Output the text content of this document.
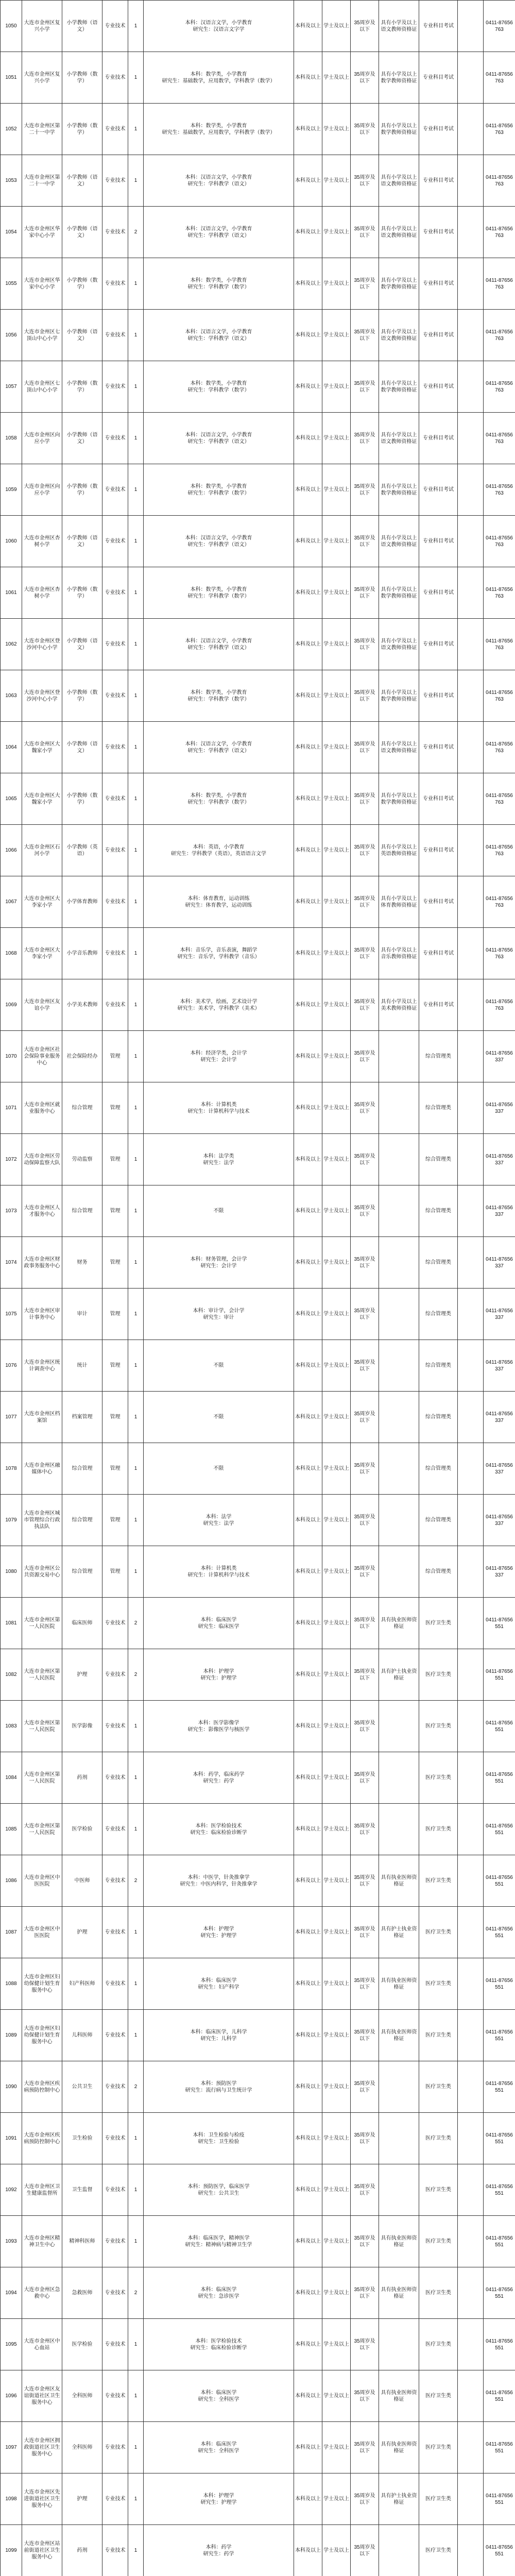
1050	大连市金州区复兴小学	小学教师（语文）	专业技术	1	本科：汉语言文学，小学教育
研究生：汉语言文字学	本科及以上	学士及以上	35周岁及以下	具有小学及以上语文教师资格证	专业科目考试		0411-87656763
1051	大连市金州区复兴小学	小学教师（数学）	专业技术	1	本科：数学类，小学教育
研究生：基础数学，应用数学，学科教学（数学）	本科及以上	学士及以上	35周岁及以下	具有小学及以上数学教师资格证	专业科目考试		0411-87656763
1052	大连市金州区第二十一中学	小学教师（数学）	专业技术	1	本科：数学类，小学教育
研究生：基础数学，应用数学，学科教学（数学）	本科及以上	学士及以上	35周岁及以下	具有小学及以上数学教师资格证	专业科目考试		0411-87656763
1053	大连市金州区第二十一中学	小学教师（语文）	专业技术	1	本科：汉语言文学，小学教育
研究生：学科教学（语文）	本科及以上	学士及以上	35周岁及以下	具有小学及以上语文教师资格证	专业科目考试		0411-87656763
1054	大连市金州区华家中心小学	小学教师（语文）	专业技术	2	本科：汉语言文学，小学教育
研究生：学科教学（语文）	本科及以上	学士及以上	35周岁及以下	具有小学及以上语文教师资格证	专业科目考试		0411-87656763
1055	大连市金州区华家中心小学	小学教师（数学）	专业技术	1	本科：数学类，小学教育
研究生：学科教学（数学）	本科及以上	学士及以上	35周岁及以下	具有小学及以上数学教师资格证	专业科目考试		0411-87656763
1056	大连市金州区七顶山中心小学	小学教师（语文）	专业技术	1	本科：汉语言文学，小学教育
研究生：学科教学（语文）	本科及以上	学士及以上	35周岁及以下	具有小学及以上语文教师资格证	专业科目考试		0411-87656763
1057	大连市金州区七顶山中心小学	小学教师（数学）	专业技术	1	本科：数学类，小学教育
研究生：学科教学（数学）	本科及以上	学士及以上	35周岁及以下	具有小学及以上数学教师资格证	专业科目考试		0411-87656763
1058	大连市金州区向应小学	小学教师（语文）	专业技术	1	本科：汉语言文学，小学教育
研究生：学科教学（语文）	本科及以上	学士及以上	35周岁及以下	具有小学及以上语文教师资格证	专业科目考试		0411-87656763
1059	大连市金州区向应小学	小学教师（数学）	专业技术	1	本科：数学类，小学教育
研究生：学科教学（数学）	本科及以上	学士及以上	35周岁及以下	具有小学及以上数学教师资格证	专业科目考试		0411-87656763
1060	大连市金州区杏树小学	小学教师（语文）	专业技术	1	本科：汉语言文学，小学教育
研究生：学科教学（语文）	本科及以上	学士及以上	35周岁及以下	具有小学及以上语文教师资格证	专业科目考试		0411-87656763
1061	大连市金州区杏树小学	小学教师（数学）	专业技术	1	本科：数学类，小学教育
研究生：学科教学（数学）	本科及以上	学士及以上	35周岁及以下	具有小学及以上数学教师资格证	专业科目考试		0411-87656763
1062	大连市金州区登沙河中心小学	小学教师（语文）	专业技术	1	本科：汉语言文学，小学教育
研究生：学科教学（语文）	本科及以上	学士及以上	35周岁及以下	具有小学及以上语文教师资格证	专业科目考试		0411-87656763
1063	大连市金州区登沙河中心小学	小学教师（数学）	专业技术	1	本科：数学类，小学教育
研究生：学科教学（数学）	本科及以上	学士及以上	35周岁及以下	具有小学及以上数学教师资格证	专业科目考试		0411-87656763
1064	大连市金州区大魏家小学	小学教师（语文）	专业技术	1	本科：汉语言文学，小学教育
研究生：学科教学（语文）	本科及以上	学士及以上	35周岁及以下	具有小学及以上语文教师资格证	专业科目考试		0411-87656763
1065	大连市金州区大魏家小学	小学教师（数学）	专业技术	1	本科：数学类，小学教育
研究生：学科教学（数学）	本科及以上	学士及以上	35周岁及以下	具有小学及以上数学教师资格证	专业科目考试		0411-87656763
1066	大连市金州区石河小学	小学教师（英语）	专业技术	1	本科：英语，小学教育
研究生：学科教学（英语），英语语言文学	本科及以上	学士及以上	35周岁及以下	具有小学及以上英语教师资格证	专业科目考试		0411-87656763
1067	大连市金州区大李家小学	小学体育教师	专业技术	1	本科：体育教育，运动训练
研究生：体育教学，运动训练	本科及以上	学士及以上	35周岁及以下	具有小学及以上体育教师资格证	专业科目考试		0411-87656763
1068	大连市金州区大李家小学	小学音乐教师	专业技术	1	本科：音乐学，音乐表演，舞蹈学
研究生：音乐学，学科教学（音乐）	本科及以上	学士及以上	35周岁及以下	具有小学及以上音乐教师资格证	专业科目考试		0411-87656763
1069	大连市金州区友谊小学	小学美术教师	专业技术	1	本科：美术学，绘画，艺术设计学
研究生：美术学，学科教学（美术）	本科及以上	学士及以上	35周岁及以下	具有小学及以上美术教师资格证	专业科目考试		0411-87656763
1070	大连市金州区社会保险事业服务中心	社会保险经办	管理	1	本科：经济学类，会计学
研究生：会计学	本科及以上	学士及以上	35周岁及以下		综合管理类		0411-87656337
1071	大连市金州区就业服务中心	综合管理	管理	1	本科：计算机类
研究生：计算机科学与技术	本科及以上	学士及以上	35周岁及以下		综合管理类		0411-87656337
1072	大连市金州区劳动保障监察大队	劳动监察	管理	1	本科：法学类
研究生：法学	本科及以上	学士及以上	35周岁及以下		综合管理类		0411-87656337
1073	大连市金州区人才服务中心	综合管理	管理	1	不限	本科及以上	学士及以上	35周岁及以下		综合管理类		0411-87656337
1074	大连市金州区财政事务服务中心	财务	管理	1	本科：财务管理，会计学
研究生：会计学	本科及以上	学士及以上	35周岁及以下		综合管理类		0411-87656337
1075	大连市金州区审计事务中心	审计	管理	1	本科：审计学，会计学
研究生：审计	本科及以上	学士及以上	35周岁及以下		综合管理类		0411-87656337
1076	大连市金州区统计调查中心	统计	管理	1	不限	本科及以上	学士及以上	35周岁及以下		综合管理类		0411-87656337
1077	大连市金州区档案馆	档案管理	管理	1	不限	本科及以上	学士及以上	35周岁及以下		综合管理类		0411-87656337
1078	大连市金州区融媒体中心	综合管理	管理	1	不限	本科及以上	学士及以上	35周岁及以下		综合管理类		0411-87656337
1079	大连市金州区城市管理综合行政执法队	综合管理	管理	1	本科：法学
研究生：法学	本科及以上	学士及以上	35周岁及以下		综合管理类		0411-87656337
1080	大连市金州区公共资源交易中心	综合管理	管理	1	本科：计算机类
研究生：计算机科学与技术	本科及以上	学士及以上	35周岁及以下		综合管理类		0411-87656337
1081	大连市金州区第一人民医院	临床医师	专业技术	2	本科：临床医学
研究生：临床医学	本科及以上	学士及以上	35周岁及以下	具有执业医师资格证	医疗卫生类		0411-87656551
1082	大连市金州区第一人民医院	护理	专业技术	2	本科：护理学
研究生：护理学	本科及以上	学士及以上	35周岁及以下	具有护士执业资格证	医疗卫生类		0411-87656551
1083	大连市金州区第一人民医院	医学影像	专业技术	1	本科：医学影像学
研究生：影像医学与核医学	本科及以上	学士及以上	35周岁及以下		医疗卫生类		0411-87656551
1084	大连市金州区第一人民医院	药剂	专业技术	1	本科：药学，临床药学
研究生：药学	本科及以上	学士及以上	35周岁及以下		医疗卫生类		0411-87656551
1085	大连市金州区第一人民医院	医学检验	专业技术	1	本科：医学检验技术
研究生：临床检验诊断学	本科及以上	学士及以上	35周岁及以下		医疗卫生类		0411-87656551
1086	大连市金州区中医医院	中医师	专业技术	2	本科：中医学，针灸推拿学
研究生：中医内科学，针灸推拿学	本科及以上	学士及以上	35周岁及以下	具有执业医师资格证	医疗卫生类		0411-87656551
1087	大连市金州区中医医院	护理	专业技术	1	本科：护理学
研究生：护理学	本科及以上	学士及以上	35周岁及以下	具有护士执业资格证	医疗卫生类		0411-87656551
1088	大连市金州区妇幼保健计划生育服务中心	妇产科医师	专业技术	1	本科：临床医学
研究生：妇产科学	本科及以上	学士及以上	35周岁及以下	具有执业医师资格证	医疗卫生类		0411-87656551
1089	大连市金州区妇幼保健计划生育服务中心	儿科医师	专业技术	1	本科：临床医学，儿科学
研究生：儿科学	本科及以上	学士及以上	35周岁及以下	具有执业医师资格证	医疗卫生类		0411-87656551
1090	大连市金州区疾病预防控制中心	公共卫生	专业技术	2	本科：预防医学
研究生：流行病与卫生统计学	本科及以上	学士及以上	35周岁及以下		医疗卫生类		0411-87656551
1091	大连市金州区疾病预防控制中心	卫生检验	专业技术	1	本科：卫生检验与检疫
研究生：卫生检验	本科及以上	学士及以上	35周岁及以下		医疗卫生类		0411-87656551
1092	大连市金州区卫生健康监督所	卫生监督	专业技术	1	本科：预防医学，临床医学
研究生：公共卫生	本科及以上	学士及以上	35周岁及以下		医疗卫生类		0411-87656551
1093	大连市金州区精神卫生中心	精神科医师	专业技术	1	本科：临床医学，精神医学
研究生：精神病与精神卫生学	本科及以上	学士及以上	35周岁及以下	具有执业医师资格证	医疗卫生类		0411-87656551
1094	大连市金州区急救中心	急救医师	专业技术	2	本科：临床医学
研究生：急诊医学	本科及以上	学士及以上	35周岁及以下	具有执业医师资格证	医疗卫生类		0411-87656551
1095	大连市金州区中心血站	医学检验	专业技术	1	本科：医学检验技术
研究生：临床检验诊断学	本科及以上	学士及以上	35周岁及以下		医疗卫生类		0411-87656551
1096	大连市金州区友谊街道社区卫生服务中心	全科医师	专业技术	1	本科：临床医学
研究生：全科医学	本科及以上	学士及以上	35周岁及以下	具有执业医师资格证	医疗卫生类		0411-87656551
1097	大连市金州区拥政街道社区卫生服务中心	全科医师	专业技术	1	本科：临床医学
研究生：全科医学	本科及以上	学士及以上	35周岁及以下	具有执业医师资格证	医疗卫生类		0411-87656551
1098	大连市金州区先进街道社区卫生服务中心	护理	专业技术	1	本科：护理学
研究生：护理学	本科及以上	学士及以上	35周岁及以下	具有护士执业资格证	医疗卫生类		0411-87656551
1099	大连市金州区站前街道社区卫生服务中心	药剂	专业技术	1	本科：药学
研究生：药学	本科及以上	学士及以上	35周岁及以下		医疗卫生类		0411-87656551
